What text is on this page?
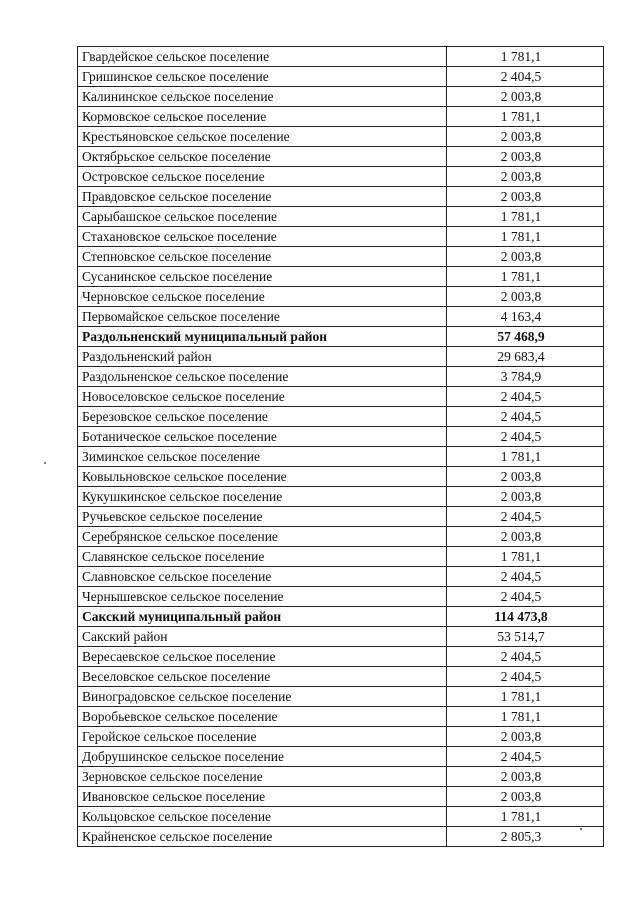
Гвардейское сельское поселение	1 781,1
Гришинское сельское поселение	2 404,5
Калининское сельское поселение	2 003,8
Кормовское сельское поселение	1 781,1
Крестьяновское сельское поселение	2 003,8
Октябрьское сельское поселение	2 003,8
Островское сельское поселение	2 003,8
Правдовское сельское поселение	2 003,8
Сарыбашское сельское поселение	1 781,1
Стахановское сельское поселение	1 781,1
Степновское сельское поселение	2 003,8
Сусанинское сельское поселение	1 781,1
Черновское сельское поселение	2 003,8
Первомайское сельское поселение	4 163,4
Раздольненский муниципальный район	57 468,9
Раздольненский район	29 683,4
Раздольненское сельское поселение	3 784,9
Новоселовское сельское поселение	2 404,5
Березовское сельское поселение	2 404,5
Ботаническое сельское поселение	2 404,5
Зиминское сельское поселение	1 781,1
Ковыльновское сельское поселение	2 003,8
Кукушкинское сельское поселение	2 003,8
Ручьевское сельское поселение	2 404,5
Серебрянское сельское поселение	2 003,8
Славянское сельское поселение	1 781,1
Славновское сельское поселение	2 404,5
Чернышевское сельское поселение	2 404,5
Сакский муниципальный район	114 473,8
Сакский район	53 514,7
Вересаевское сельское поселение	2 404,5
Веселовское сельское поселение	2 404,5
Виноградовское сельское поселение	1 781,1
Воробьевское сельское поселение	1 781,1
Геройское сельское поселение	2 003,8
Добрушинское сельское поселение	2 404,5
Зерновское сельское поселение	2 003,8
Ивановское сельское поселение	2 003,8
Кольцовское сельское поселение	1 781,1
Крайненское сельское поселение	2 805,3
